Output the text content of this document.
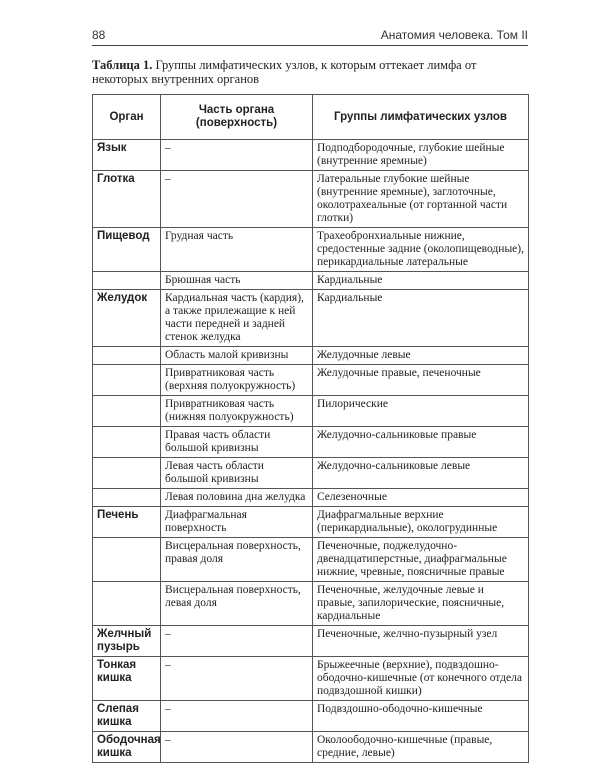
88	Анатомия человека. Том II
Таблица 1. Группы лимфатических узлов, к которым оттекает лимфа от некоторых внутренних органов
Орган	Часть органа (поверхность)	Группы лимфатических узлов
Язык	–	Подподбородочные, глубокие шейные (внутренние яремные)
Глотка	–	Латеральные глубокие шейные (внутренние яремные), заглоточные, околотрахеальные (от гортанной части глотки)
Пищевод	Грудная часть	Трахеобронхиальные нижние, средостенные задние (околопищеводные), перикардиальные латеральные
	Брюшная часть	Кардиальные
Желудок	Кардиальная часть (кардия), а также прилежащие к ней части передней и задней стенок желудка	Кардиальные
	Область малой кривизны	Желудочные левые
	Привратниковая часть (верхняя полуокружность)	Желудочные правые, печеночные
	Привратниковая часть (нижняя полуокружность)	Пилорические
	Правая часть области большой кривизны	Желудочно-сальниковые правые
	Левая часть области большой кривизны	Желудочно-сальниковые левые
	Левая половина дна желудка	Селезеночные
Печень	Диафрагмальная поверхность	Диафрагмальные верхние (перикардиальные), окологрудинные
	Висцеральная поверхность, правая доля	Печеночные, поджелудочно-двенадцатиперстные, диафрагмальные нижние, чревные, поясничные правые
	Висцеральная поверхность, левая доля	Печеночные, желудочные левые и правые, запилорические, поясничные, кардиальные
Желчный пузырь	–	Печеночные, желчно-пузырный узел
Тонкая кишка	–	Брыжеечные (верхние), подвздошно-ободочно-кишечные (от конечного отдела подвздошной кишки)
Слепая кишка	–	Подвздошно-ободочно-кишечные
Ободочная кишка	–	Околоободочно-кишечные (правые, средние, левые)
